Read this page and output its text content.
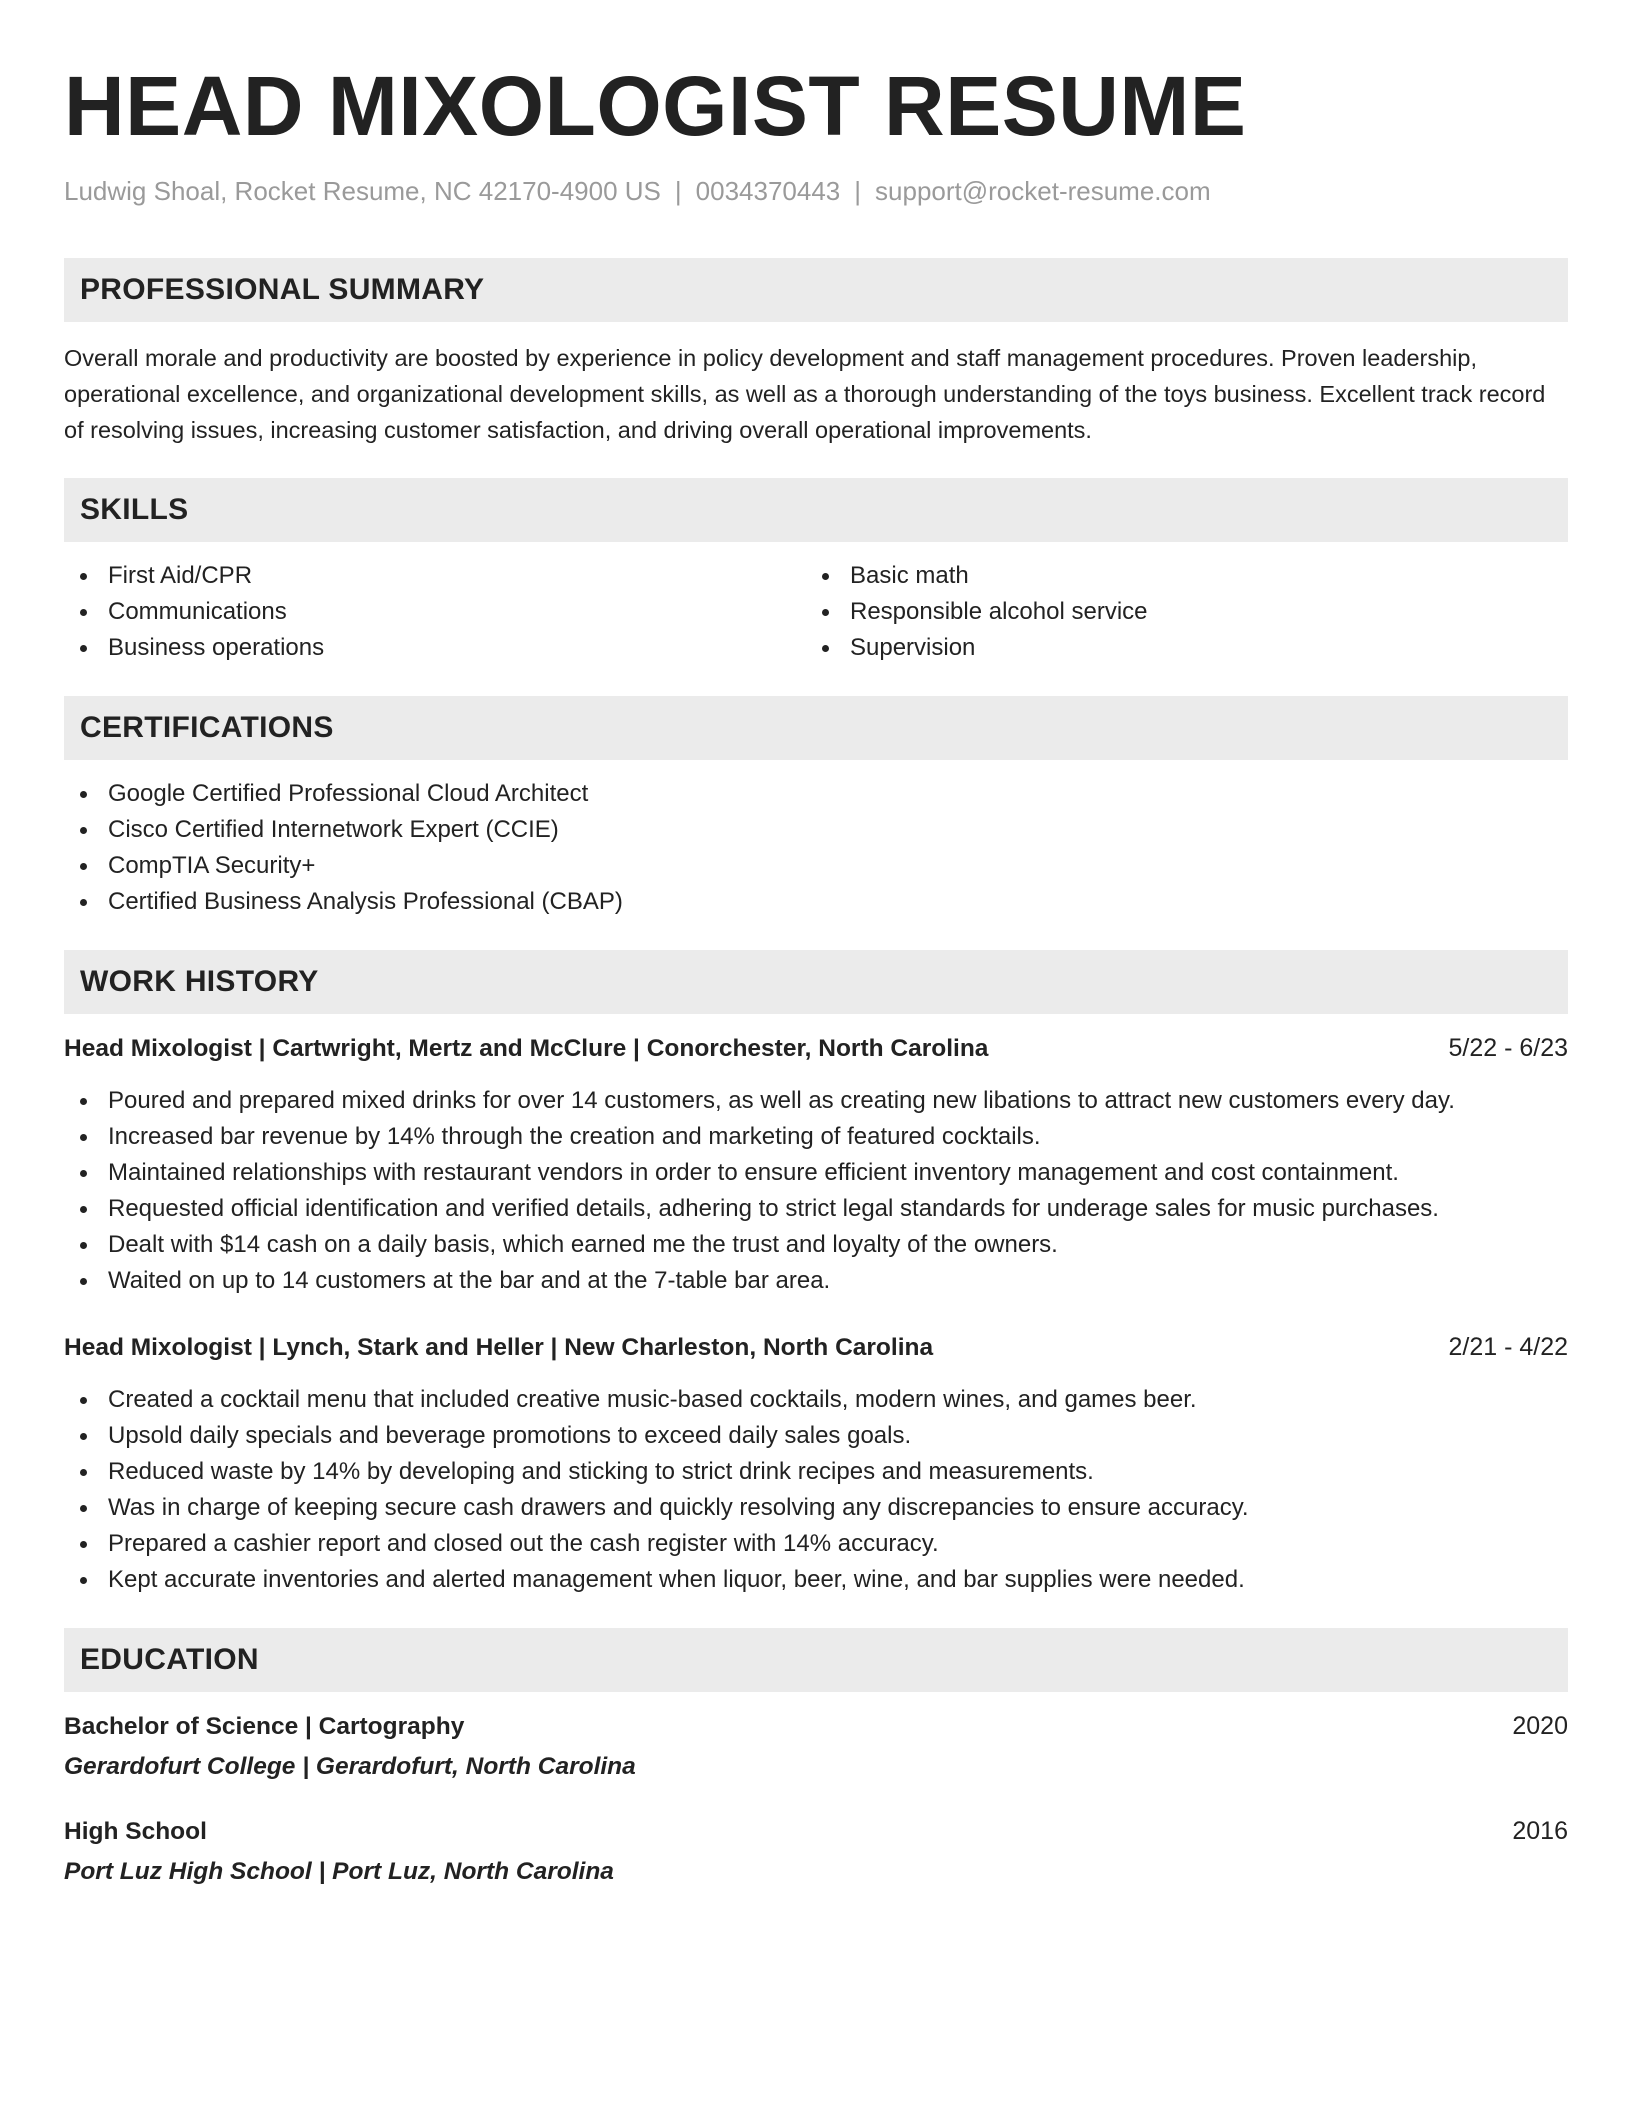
HEAD MIXOLOGIST RESUME
Ludwig Shoal, Rocket Resume, NC 42170-4900 US | 0034370443 | support@rocket-resume.com
PROFESSIONAL SUMMARY

Overall morale and productivity are boosted by experience in policy development and staff management procedures. Proven leadership, operational excellence, and organizational development skills, as well as a thorough understanding of the toys business. Excellent track record of resolving issues, increasing customer satisfaction, and driving overall operational improvements.

SKILLS
First Aid/CPR
Communications
Business operations
Basic math
Responsible alcohol service
Supervision
CERTIFICATIONS
Google Certified Professional Cloud Architect
Cisco Certified Internetwork Expert (CCIE)
CompTIA Security+
Certified Business Analysis Professional (CBAP)
WORK HISTORY
Head Mixologist | Cartwright, Mertz and McClure | Conorchester, North Carolina	5/22 - 6/23
Poured and prepared mixed drinks for over 14 customers, as well as creating new libations to attract new customers every day.
Increased bar revenue by 14% through the creation and marketing of featured cocktails.
Maintained relationships with restaurant vendors in order to ensure efficient inventory management and cost containment.
Requested official identification and verified details, adhering to strict legal standards for underage sales for music purchases.
Dealt with $14 cash on a daily basis, which earned me the trust and loyalty of the owners.
Waited on up to 14 customers at the bar and at the 7-table bar area.
Head Mixologist | Lynch, Stark and Heller | New Charleston, North Carolina	2/21 - 4/22
Created a cocktail menu that included creative music-based cocktails, modern wines, and games beer.
Upsold daily specials and beverage promotions to exceed daily sales goals.
Reduced waste by 14% by developing and sticking to strict drink recipes and measurements.
Was in charge of keeping secure cash drawers and quickly resolving any discrepancies to ensure accuracy.
Prepared a cashier report and closed out the cash register with 14% accuracy.
Kept accurate inventories and alerted management when liquor, beer, wine, and bar supplies were needed.
EDUCATION
Bachelor of Science | Cartography	2020
Gerardofurt College | Gerardofurt, North Carolina
High School	2016
Port Luz High School | Port Luz, North Carolina
